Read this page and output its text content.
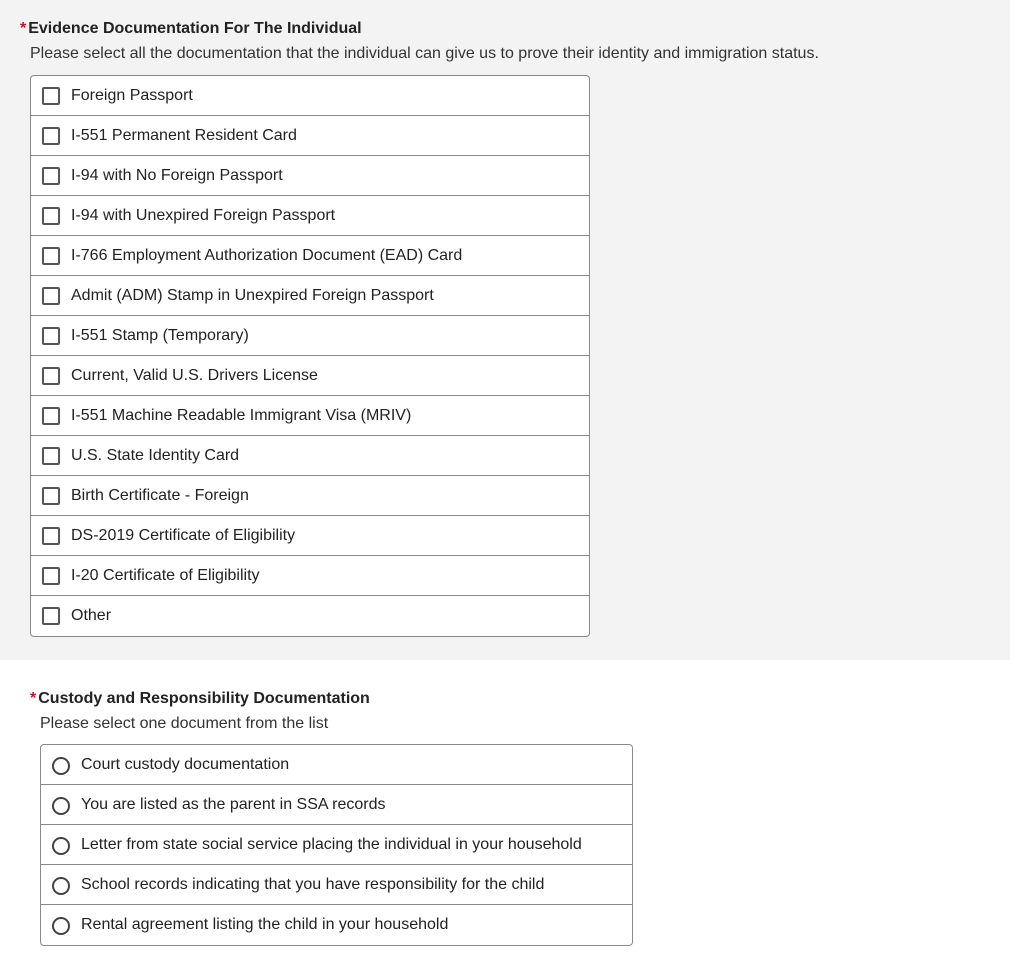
* Evidence Documentation For The Individual
Please select all the documentation that the individual can give us to prove their identity and immigration status.
Foreign Passport
I-551 Permanent Resident Card
I-94 with No Foreign Passport
I-94 with Unexpired Foreign Passport
I-766 Employment Authorization Document (EAD) Card
Admit (ADM) Stamp in Unexpired Foreign Passport
I-551 Stamp (Temporary)
Current, Valid U.S. Drivers License
I-551 Machine Readable Immigrant Visa (MRIV)
U.S. State Identity Card
Birth Certificate - Foreign
DS-2019 Certificate of Eligibility
I-20 Certificate of Eligibility
Other
* Custody and Responsibility Documentation
Please select one document from the list
Court custody documentation
You are listed as the parent in SSA records
Letter from state social service placing the individual in your household
School records indicating that you have responsibility for the child
Rental agreement listing the child in your household
